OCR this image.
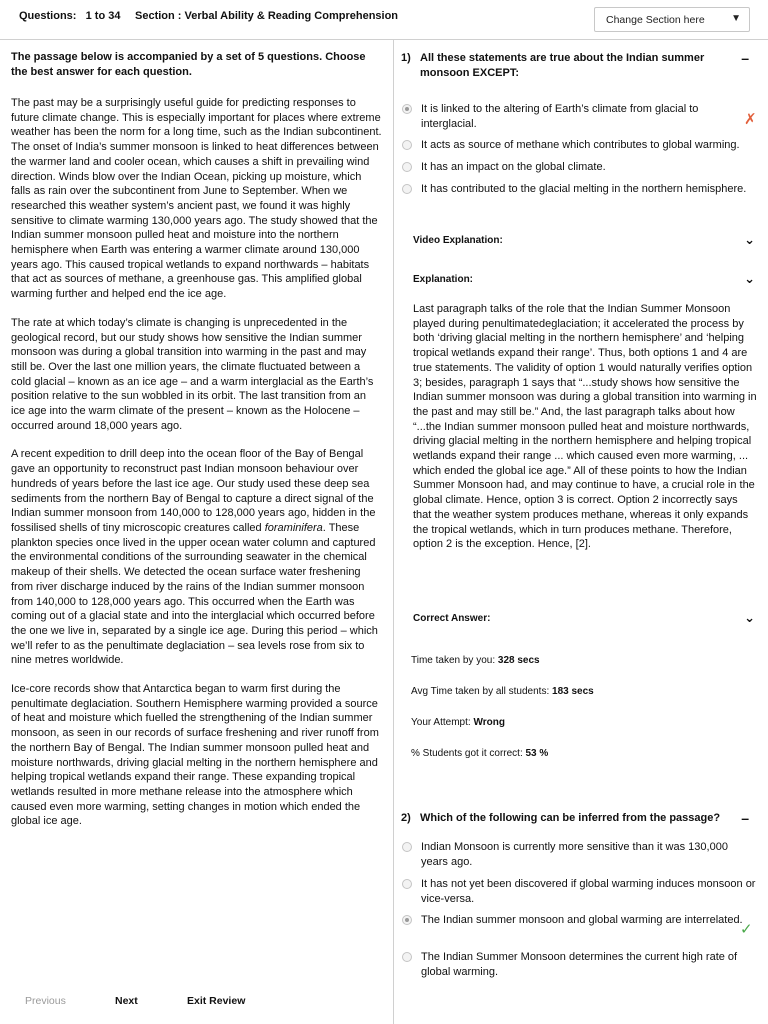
Questions: 1 to 34 Section : Verbal Ability & Reading Comprehension	Change Section here	▼
The passage below is accompanied by a set of 5 questions. Choose the best answer for each question.

The past may be a surprisingly useful guide for predicting responses to future climate change. This is especially important for places where extreme weather has been the norm for a long time, such as the Indian subcontinent. The onset of India’s summer monsoon is linked to heat differences between the warmer land and cooler ocean, which causes a shift in prevailing wind direction. Winds blow over the Indian Ocean, picking up moisture, which falls as rain over the subcontinent from June to September. When we researched this weather system’s ancient past, we found it was highly sensitive to climate warming 130,000 years ago. The study showed that the Indian summer monsoon pulled heat and moisture into the northern hemisphere when Earth was entering a warmer climate around 130,000 years ago. This caused tropical wetlands to expand northwards – habitats that act as sources of methane, a greenhouse gas. This amplified global warming further and helped end the ice age.

The rate at which today’s climate is changing is unprecedented in the geological record, but our study shows how sensitive the Indian summer monsoon was during a global transition into warming in the past and may still be. Over the last one million years, the climate fluctuated between a cold glacial – known as an ice age – and a warm interglacial as the Earth’s position relative to the sun wobbled in its orbit. The last transition from an ice age into the warm climate of the present – known as the Holocene – occurred around 18,000 years ago.

A recent expedition to drill deep into the ocean floor of the Bay of Bengal gave an opportunity to reconstruct past Indian monsoon behaviour over hundreds of years before the last ice age. Our study used these deep sea sediments from the northern Bay of Bengal to capture a direct signal of the Indian summer monsoon from 140,000 to 128,000 years ago, hidden in the fossilised shells of tiny microscopic creatures called foraminifera. These plankton species once lived in the upper ocean water column and captured the environmental conditions of the surrounding seawater in the chemical makeup of their shells. We detected the ocean surface water freshening from river discharge induced by the rains of the Indian summer monsoon from 140,000 to 128,000 years ago. This occurred when the Earth was coming out of a glacial state and into the interglacial which occurred before the one we live in, separated by a single ice age. During this period – which we’ll refer to as the penultimate deglaciation – sea levels rose from six to nine metres worldwide.

Ice-core records show that Antarctica began to warm first during the penultimate deglaciation. Southern Hemisphere warming provided a source of heat and moisture which fuelled the strengthening of the Indian summer monsoon, as seen in our records of surface freshening and river runoff from the northern Bay of Bengal. The Indian summer monsoon pulled heat and moisture northwards, driving glacial melting in the northern hemisphere and helping tropical wetlands expand their range. These expanding tropical wetlands resulted in more methane release into the atmosphere which caused even more warming, setting changes in motion which ended the global ice age.

Previous	Next	Exit Review
1) All these statements are true about the Indian summer monsoon EXCEPT:
–
It is linked to the altering of Earth’s climate from glacial to interglacial.	✗
It acts as source of methane which contributes to global warming.
It has an impact on the global climate.
It has contributed to the glacial melting in the northern hemisphere.
Video Explanation:	⌄
Explanation:	⌄
Last paragraph talks of the role that the Indian Summer Monsoon played during penultimatedeglaciation; it accelerated the process by both ‘driving glacial melting in the northern hemisphere’ and ‘helping tropical wetlands expand their range’. Thus, both options 1 and 4 are true statements. The validity of option 1 would naturally verifies option 3; besides, paragraph 1 says that “...study shows how sensitive the Indian summer monsoon was during a global transition into warming in the past and may still be.” And, the last paragraph talks about how “...the Indian summer monsoon pulled heat and moisture northwards, driving glacial melting in the northern hemisphere and helping tropical wetlands expand their range ... which caused even more warming, ... which ended the global ice age.” All of these points to how the Indian Summer Monsoon had, and may continue to have, a crucial role in the global climate. Hence, option 3 is correct. Option 2 incorrectly says that the weather system produces methane, whereas it only expands the tropical wetlands, which in turn produces methane. Therefore, option 2 is the exception. Hence, [2].
Correct Answer:	⌄
Time taken by you: 328 secs
Avg Time taken by all students: 183 secs
Your Attempt: Wrong
% Students got it correct: 53 %
2) Which of the following can be inferred from the passage?	–
Indian Monsoon is currently more sensitive than it was 130,000 years ago.
It has not yet been discovered if global warming induces monsoon or vice-versa.
The Indian summer monsoon and global warming are interrelated.
✓
The Indian Summer Monsoon determines the current high rate of global warming.
